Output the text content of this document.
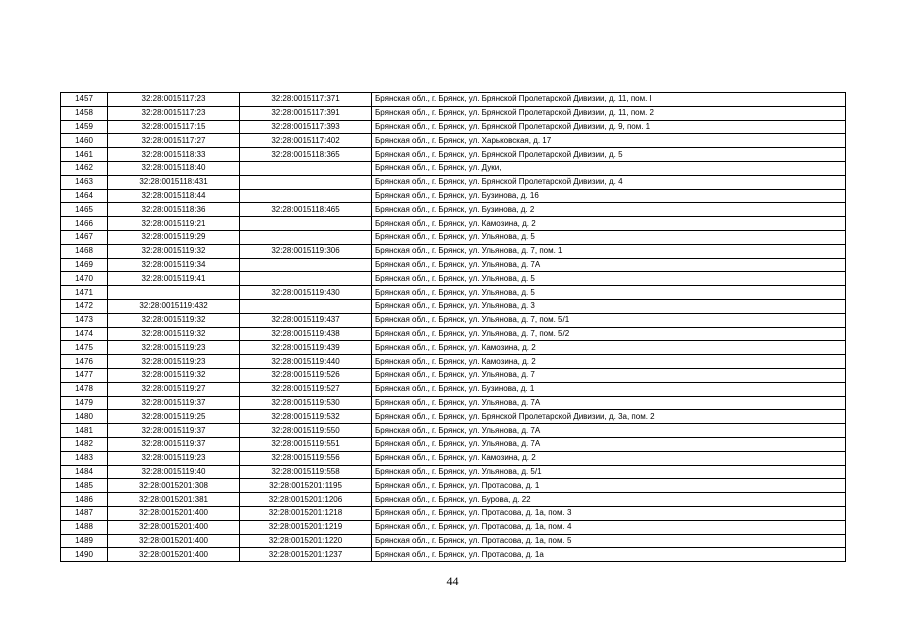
1457	32:28:0015117:23	32:28:0015117:371	Брянская обл., г. Брянск, ул. Брянской Пролетарской Дивизии, д. 11, пом. I
1458	32:28:0015117:23	32:28:0015117:391	Брянская обл., г. Брянск, ул. Брянской Пролетарской Дивизии, д. 11, пом. 2
1459	32:28:0015117:15	32:28:0015117:393	Брянская обл., г. Брянск, ул. Брянской Пролетарской Дивизии, д. 9, пом. 1
1460	32:28:0015117:27	32:28:0015117:402	Брянская обл., г. Брянск, ул. Харьковская, д. 17
1461	32:28:0015118:33	32:28:0015118:365	Брянская обл., г. Брянск, ул. Брянской Пролетарской Дивизии, д. 5
1462	32:28:0015118:40		Брянская обл., г. Брянск, ул. Дуки,
1463	32:28:0015118:431		Брянская обл., г. Брянск, ул. Брянской Пролетарской Дивизии, д. 4
1464	32:28:0015118:44		Брянская обл., г. Брянск, ул. Бузинова, д. 16
1465	32:28:0015118:36	32:28:0015118:465	Брянская обл., г. Брянск, ул. Бузинова, д. 2
1466	32:28:0015119:21		Брянская обл., г. Брянск, ул. Камозина, д. 2
1467	32:28:0015119:29		Брянская обл., г. Брянск, ул. Ульянова, д. 5
1468	32:28:0015119:32	32:28:0015119:306	Брянская обл., г. Брянск, ул. Ульянова, д. 7, пом. 1
1469	32:28:0015119:34		Брянская обл., г. Брянск, ул. Ульянова, д. 7А
1470	32:28:0015119:41		Брянская обл., г. Брянск, ул. Ульянова, д. 5
1471		32:28:0015119:430	Брянская обл., г. Брянск, ул. Ульянова, д. 5
1472	32:28:0015119:432		Брянская обл., г. Брянск, ул. Ульянова, д. 3
1473	32:28:0015119:32	32:28:0015119:437	Брянская обл., г. Брянск, ул. Ульянова, д. 7, пом. 5/1
1474	32:28:0015119:32	32:28:0015119:438	Брянская обл., г. Брянск, ул. Ульянова, д. 7, пом. 5/2
1475	32:28:0015119:23	32:28:0015119:439	Брянская обл., г. Брянск, ул. Камозина, д. 2
1476	32:28:0015119:23	32:28:0015119:440	Брянская обл., г. Брянск, ул. Камозина, д. 2
1477	32:28:0015119:32	32:28:0015119:526	Брянская обл., г. Брянск, ул. Ульянова, д. 7
1478	32:28:0015119:27	32:28:0015119:527	Брянская обл., г. Брянск, ул. Бузинова, д. 1
1479	32:28:0015119:37	32:28:0015119:530	Брянская обл., г. Брянск, ул. Ульянова, д. 7А
1480	32:28:0015119:25	32:28:0015119:532	Брянская обл., г. Брянск, ул. Брянской Пролетарской Дивизии, д. 3а, пом. 2
1481	32:28:0015119:37	32:28:0015119:550	Брянская обл., г. Брянск, ул. Ульянова, д. 7А
1482	32:28:0015119:37	32:28:0015119:551	Брянская обл., г. Брянск, ул. Ульянова, д. 7А
1483	32:28:0015119:23	32:28:0015119:556	Брянская обл., г. Брянск, ул. Камозина, д. 2
1484	32:28:0015119:40	32:28:0015119:558	Брянская обл., г. Брянск, ул. Ульянова, д. 5/1
1485	32:28:0015201:308	32:28:0015201:1195	Брянская обл., г. Брянск, ул. Протасова, д. 1
1486	32:28:0015201:381	32:28:0015201:1206	Брянская обл., г. Брянск, ул. Бурова, д. 22
1487	32:28:0015201:400	32:28:0015201:1218	Брянская обл., г. Брянск, ул. Протасова, д. 1а, пом. 3
1488	32:28:0015201:400	32:28:0015201:1219	Брянская обл., г. Брянск, ул. Протасова, д. 1а, пом. 4
1489	32:28:0015201:400	32:28:0015201:1220	Брянская обл., г. Брянск, ул. Протасова, д. 1а, пом. 5
1490	32:28:0015201:400	32:28:0015201:1237	Брянская обл., г. Брянск, ул. Протасова, д. 1а
44
